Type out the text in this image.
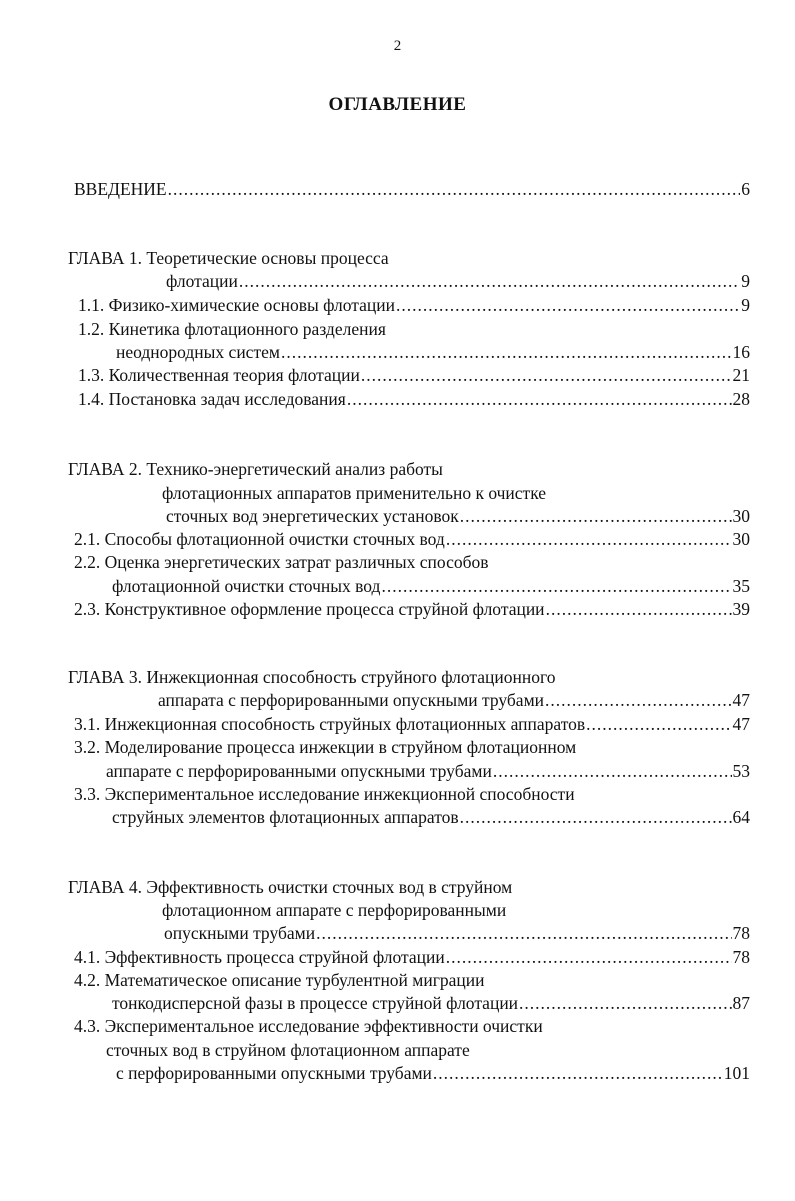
2
ОГЛАВЛЕНИЕ
ВВЕДЕНИЕ .....	6
ГЛАВА 1. Теоретические основы процесса
флотации .....	9
1.1. Физико-химические основы флотации .....	9
1.2. Кинетика флотационного разделения
неоднородных систем .....	16
1.3. Количественная теория флотации .....	21
1.4. Постановка задач исследования .....	28
ГЛАВА 2. Технико-энергетический анализ работы
флотационных аппаратов применительно к очистке
сточных вод энергетических установок .....	30
2.1. Способы флотационной очистки сточных вод .....	30
2.2. Оценка энергетических затрат различных способов
флотационной очистки сточных вод .....	35
2.3. Конструктивное оформление процесса струйной флотации .....	39
ГЛАВА 3. Инжекционная способность струйного флотационного
аппарата с перфорированными опускными трубами .....	47
3.1. Инжекционная способность струйных флотационных аппаратов .....	47
3.2. Моделирование процесса инжекции в струйном флотационном
аппарате с перфорированными опускными трубами .....	53
3.3. Экспериментальное исследование инжекционной способности
струйных элементов флотационных аппаратов .....	64
ГЛАВА 4. Эффективность очистки сточных вод в струйном
флотационном аппарате с перфорированными
опускными трубами .....	78
4.1. Эффективность процесса струйной флотации .....	78
4.2. Математическое описание турбулентной миграции
тонкодисперсной фазы в процессе струйной флотации .....	87
4.3. Экспериментальное исследование эффективности очистки
сточных вод в струйном флотационном аппарате
с перфорированными опускными трубами .....	101
